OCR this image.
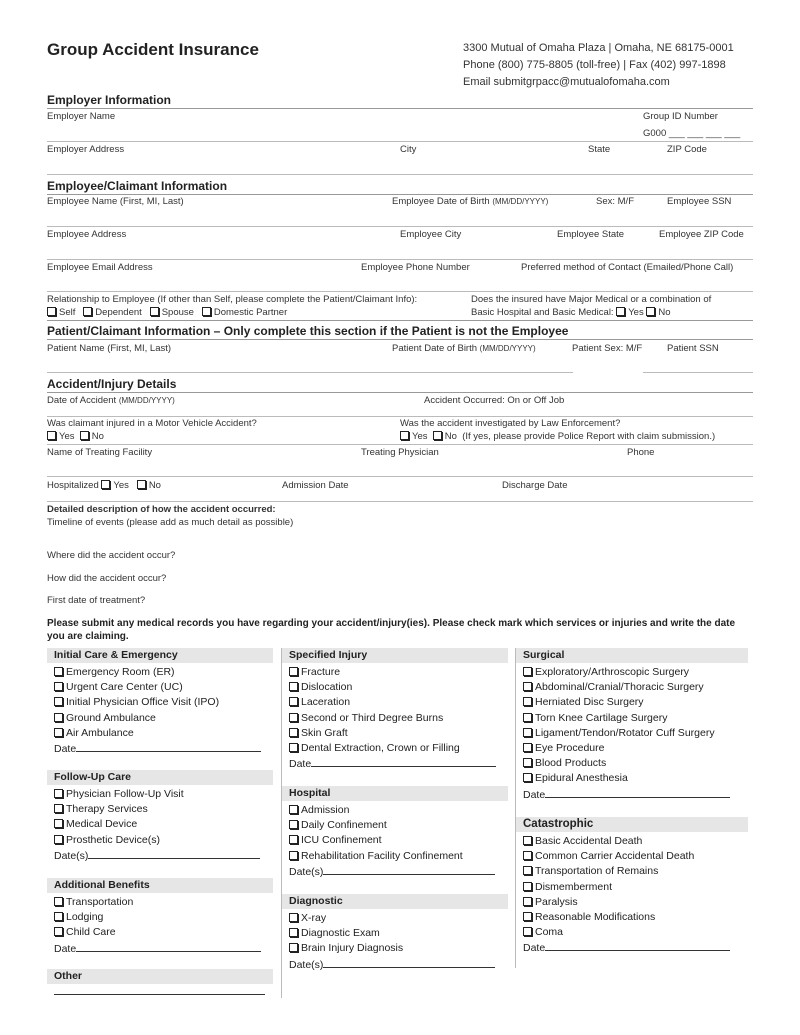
Group Accident Insurance	3300 Mutual of Omaha Plaza | Omaha, NE 68175-0001
Phone (800) 775-8805 (toll-free) | Fax (402) 997-1898
Email submitgrpacc@mutualofomaha.com
Employer Information
Employer Name	Group ID Number
G000 ___ ___ ___ ___
Employer Address	City	State	ZIP Code
Employee/Claimant Information
Employee Name (First, MI, Last)	Employee Date of Birth (MM/DD/YYYY)	Sex: M/F	Employee SSN
Employee Address	Employee City	Employee State	Employee ZIP Code
Employee Email Address	Employee Phone Number	Preferred method of Contact (Emailed/Phone Call)
Relationship to Employee (If other than Self, please complete the Patient/Claimant Info):
Self Dependent Spouse Domestic Partner
Does the insured have Major Medical or a combination of
Basic Hospital and Basic Medical: Yes No
Patient/Claimant Information – Only complete this section if the Patient is not the Employee
Patient Name (First, MI, Last)	Patient Date of Birth (MM/DD/YYYY)	Patient Sex: M/F	Patient SSN
Accident/Injury Details
Date of Accident (MM/DD/YYYY)	Accident Occurred: On or Off Job
Was claimant injured in a Motor Vehicle Accident?
Yes No
Was the accident investigated by Law Enforcement?
Yes No (If yes, please provide Police Report with claim submission.)
Name of Treating Facility	Treating Physician	Phone
Hospitalized Yes No	Admission Date	Discharge Date
Detailed description of how the accident occurred:
Timeline of events (please add as much detail as possible)
Where did the accident occur?
How did the accident occur?
First date of treatment?
Please submit any medical records you have regarding your accident/injury(ies). Please check mark which services or injuries and write the date you are claiming.
Initial Care & Emergency
Emergency Room (ER)
Urgent Care Center (UC)
Initial Physician Office Visit (IPO)
Ground Ambulance
Air Ambulance
Date
Follow-Up Care
Physician Follow-Up Visit
Therapy Services
Medical Device
Prosthetic Device(s)
Date(s)
Additional Benefits
Transportation
Lodging
Child Care
Date
Other
Specified Injury
Fracture
Dislocation
Laceration
Second or Third Degree Burns
Skin Graft
Dental Extraction, Crown or Filling
Date
Hospital
Admission
Daily Confinement
ICU Confinement
Rehabilitation Facility Confinement
Date(s)
Diagnostic
X-ray
Diagnostic Exam
Brain Injury Diagnosis
Date(s)
Surgical
Exploratory/Arthroscopic Surgery
Abdominal/Cranial/Thoracic Surgery
Herniated Disc Surgery
Torn Knee Cartilage Surgery
Ligament/Tendon/Rotator Cuff Surgery
Eye Procedure
Blood Products
Epidural Anesthesia
Date
Catastrophic
Basic Accidental Death
Common Carrier Accidental Death
Transportation of Remains
Dismemberment
Paralysis
Reasonable Modifications
Coma
Date
